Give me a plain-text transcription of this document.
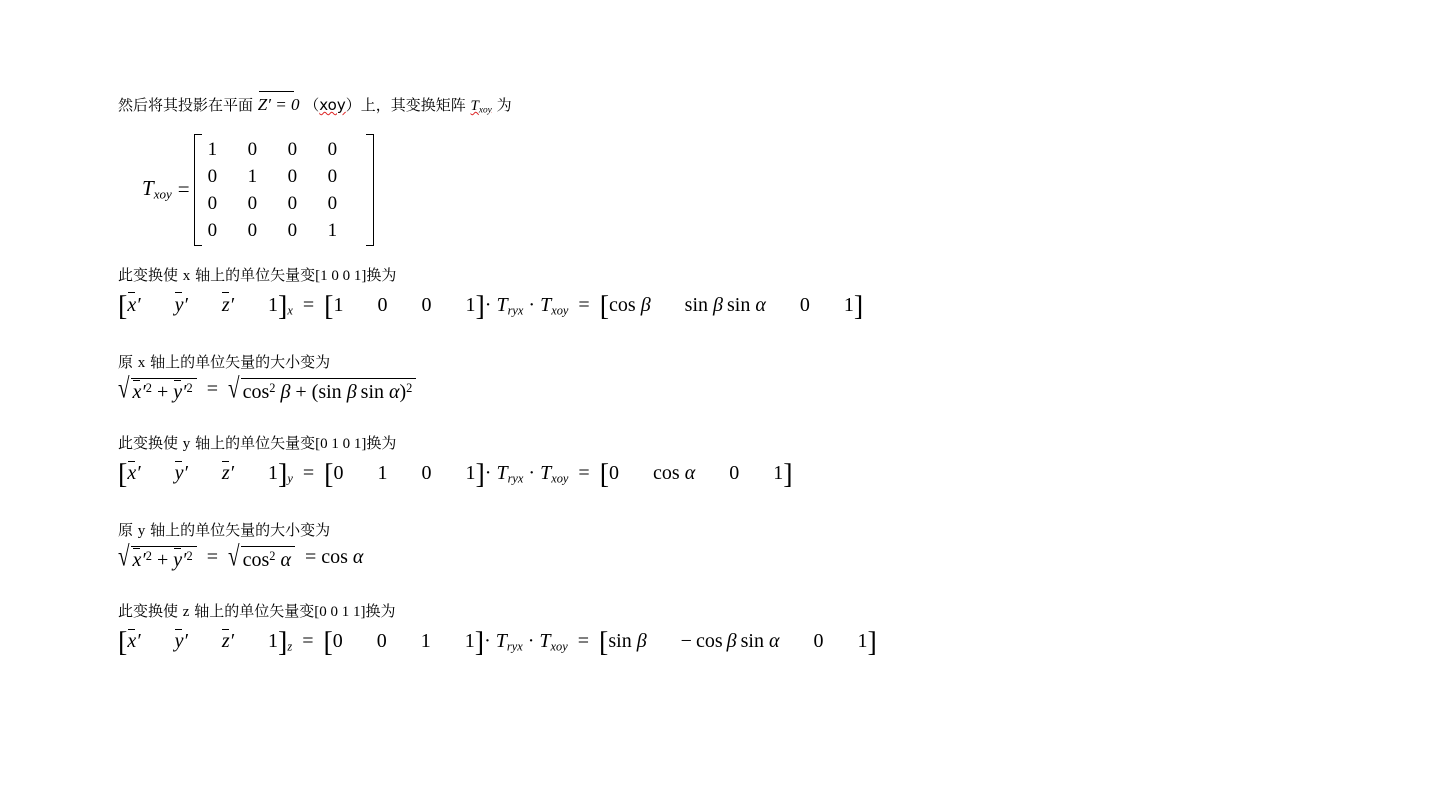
然后将其投影在平面 Z′ = 0 （xoy）上，其变换矩阵 $T_{xoy}$ 为
$T_{xoy}$ =
1	0	0	0
0	1	0	0
0	0	0	0
0	0	0	1
此变换使 x 轴上的单位矢量变[1 0 0 1]换为
[x′ y′ z′ $1]_x = [1$ 0 0 $1]\cdot T_{ryx} \cdot T_{xoy} = [\cos$ β sin β sin α 0 1]
原 x 轴上的单位矢量的大小变为
√ $x'^2 + y'^2$ = √ $\cos^2 \beta + (\sin$ β sin α)$^2$
此变换使 y 轴上的单位矢量变[0 1 0 1]换为
[x′ y′ z′ $1]_y = [0$ 1 0 $1]\cdot T_{ryx} \cdot T_{xoy} = [0$ cos α 0 1]
原 y 轴上的单位矢量的大小变为
√ $x'^2 + y'^2$ = √ $\cos^2 \alpha = \cos \alpha$
此变换使 z 轴上的单位矢量变[0 0 1 1]换为
[x′ y′ z′ $1]_z = [0$ 0 1 $1]\cdot T_{ryx} \cdot T_{xoy} = [\sin$ β − cos β sin α 0 1]
